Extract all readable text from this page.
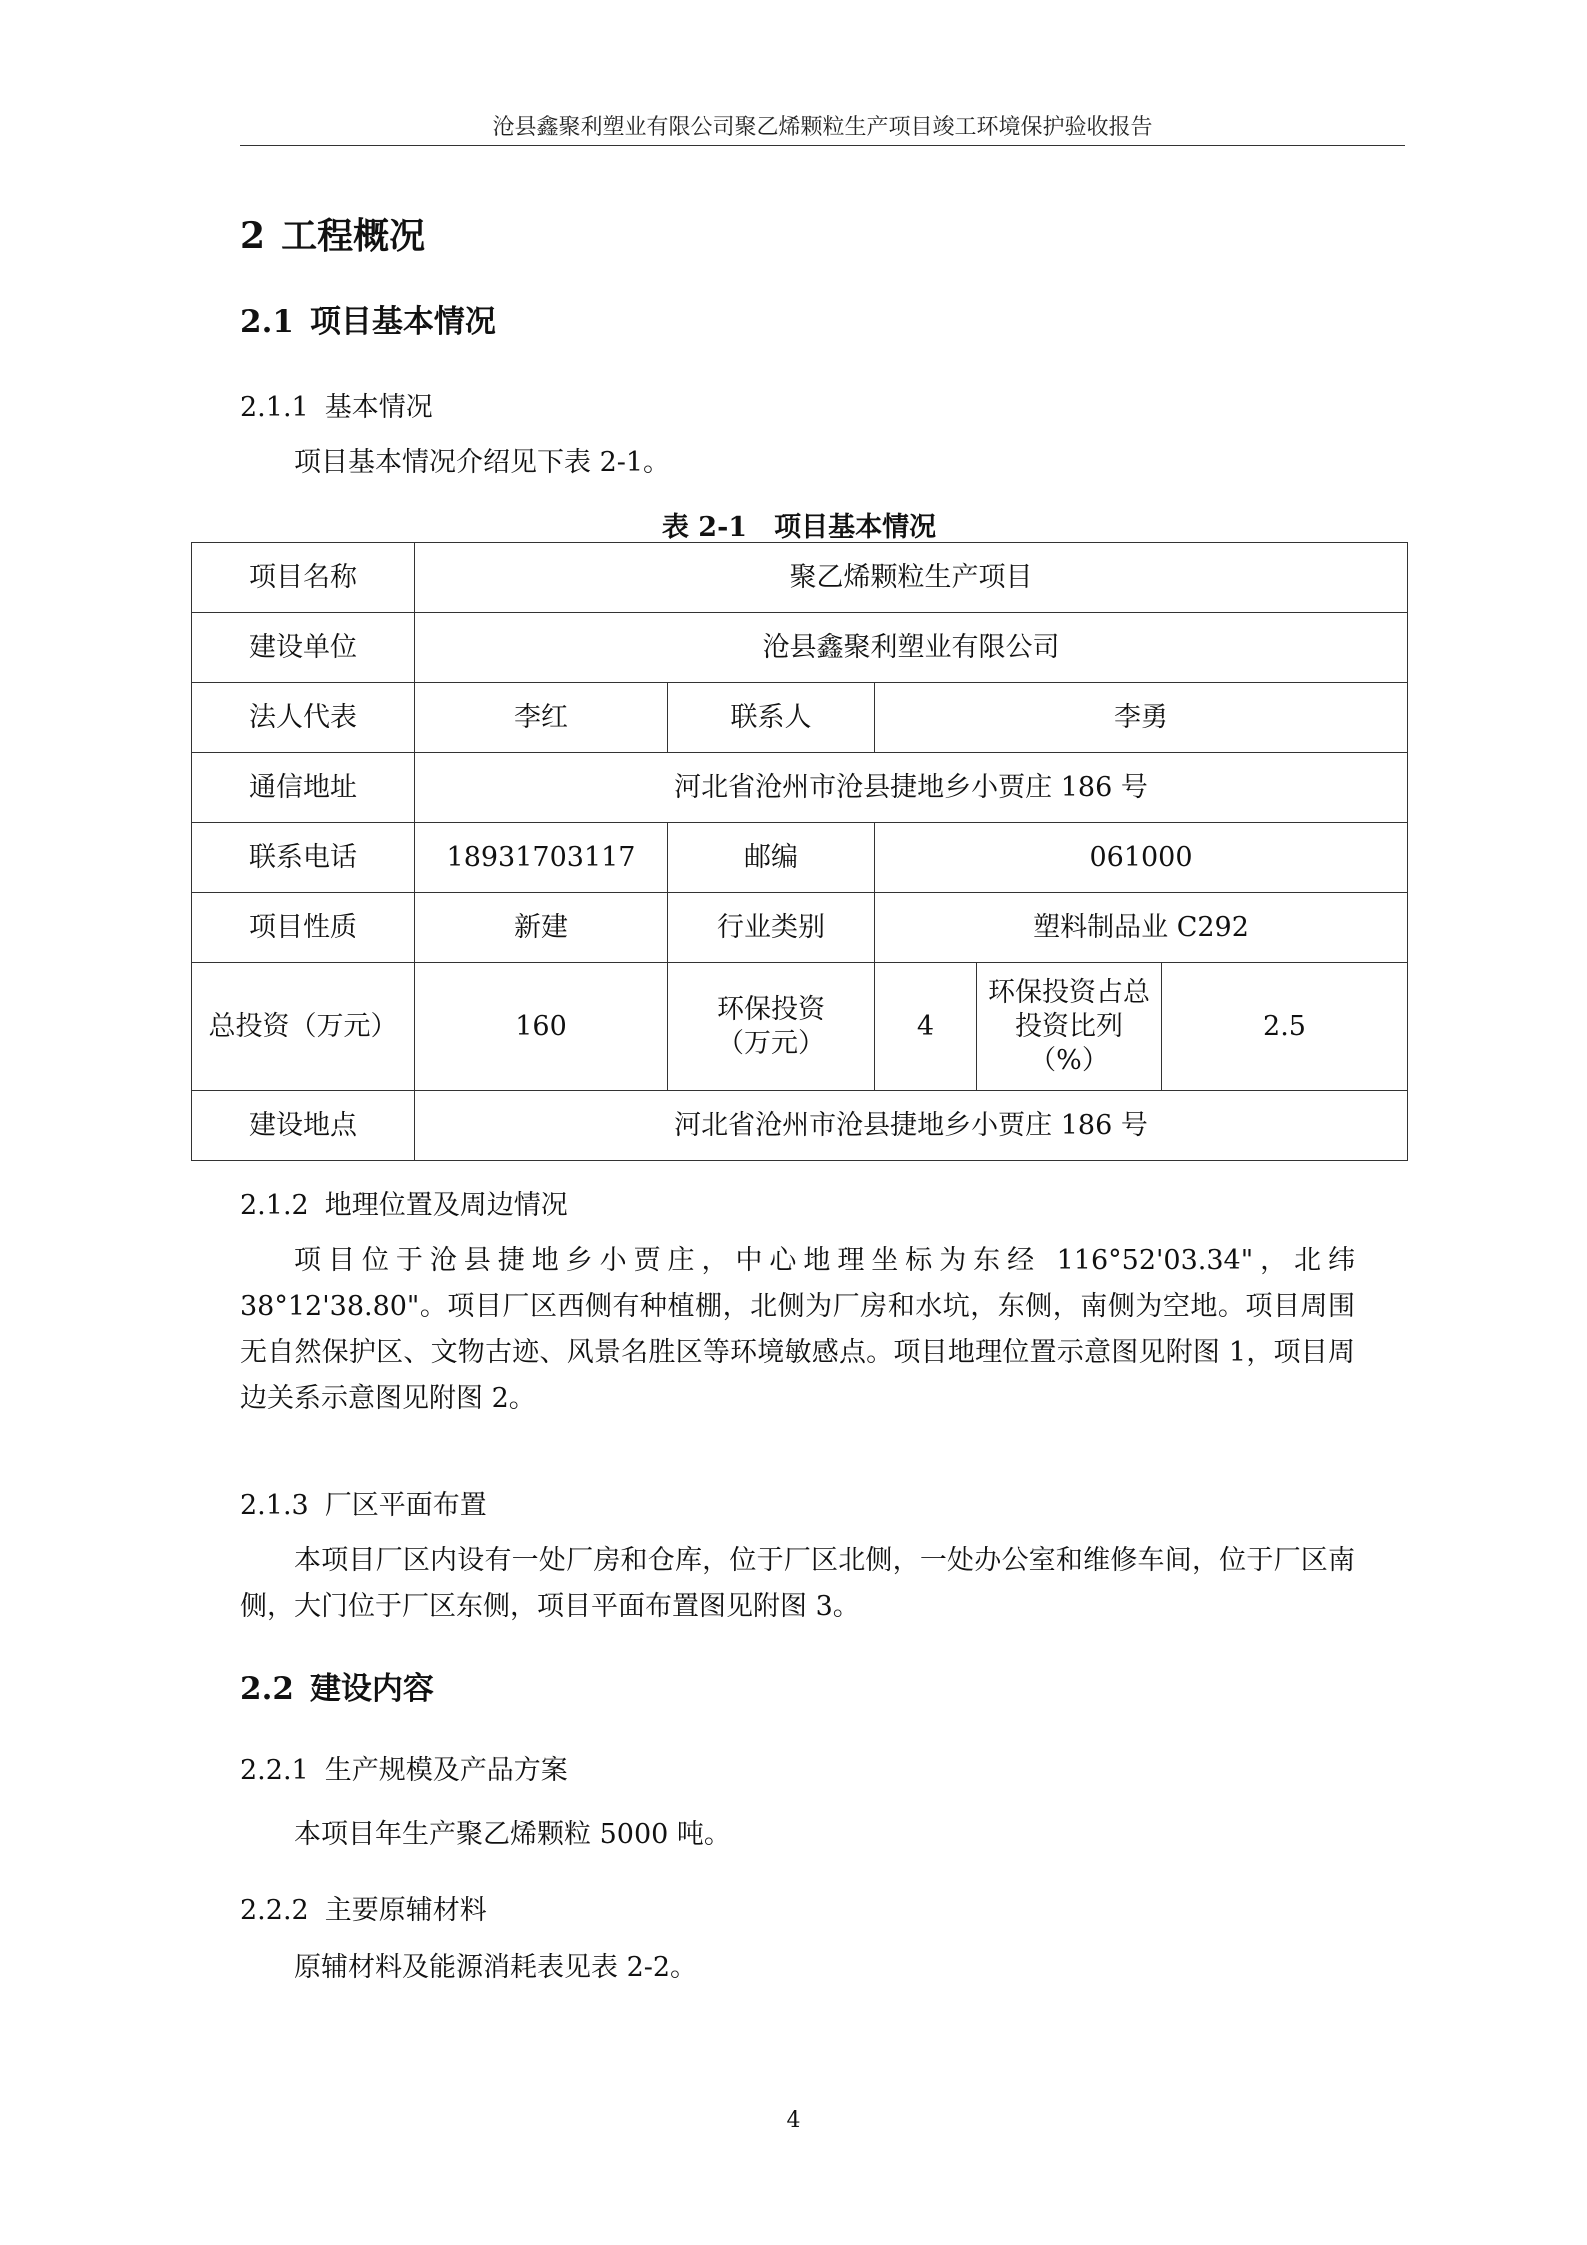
沧县鑫聚利塑业有限公司聚乙烯颗粒生产项目竣工环境保护验收报告
2 工程概况
2.1 项目基本情况
2.1.1 基本情况

项目基本情况介绍见下表 2-1。

表 2-1　项目基本情况
项目名称	聚乙烯颗粒生产项目				
建设单位	沧县鑫聚利塑业有限公司				
法人代表	李红	联系人	李勇		
通信地址	河北省沧州市沧县捷地乡小贾庄 186 号				
联系电话	18931703117	邮编	061000		
项目性质	新建	行业类别	塑料制品业 C292		
总投资（万元）	160	环保投资（万元）	4	环保投资占总投资比列（%）	2.5
建设地点	河北省沧州市沧县捷地乡小贾庄 186 号				
2.1.2 地理位置及周边情况

项目位于沧县捷地乡小贾庄，中心地理坐标为东经 116°52'03.34"，北纬 38°12'38.80"。项目厂区西侧有种植棚，北侧为厂房和水坑，东侧，南侧为空地。项目周围无自然保护区、文物古迹、风景名胜区等环境敏感点。项目地理位置示意图见附图 1，项目周边关系示意图见附图 2。

2.1.3 厂区平面布置

本项目厂区内设有一处厂房和仓库，位于厂区北侧，一处办公室和维修车间，位于厂区南侧，大门位于厂区东侧，项目平面布置图见附图 3。

2.2 建设内容
2.2.1 生产规模及产品方案

本项目年生产聚乙烯颗粒 5000 吨。

2.2.2 主要原辅材料

原辅材料及能源消耗表见表 2-2。

4
